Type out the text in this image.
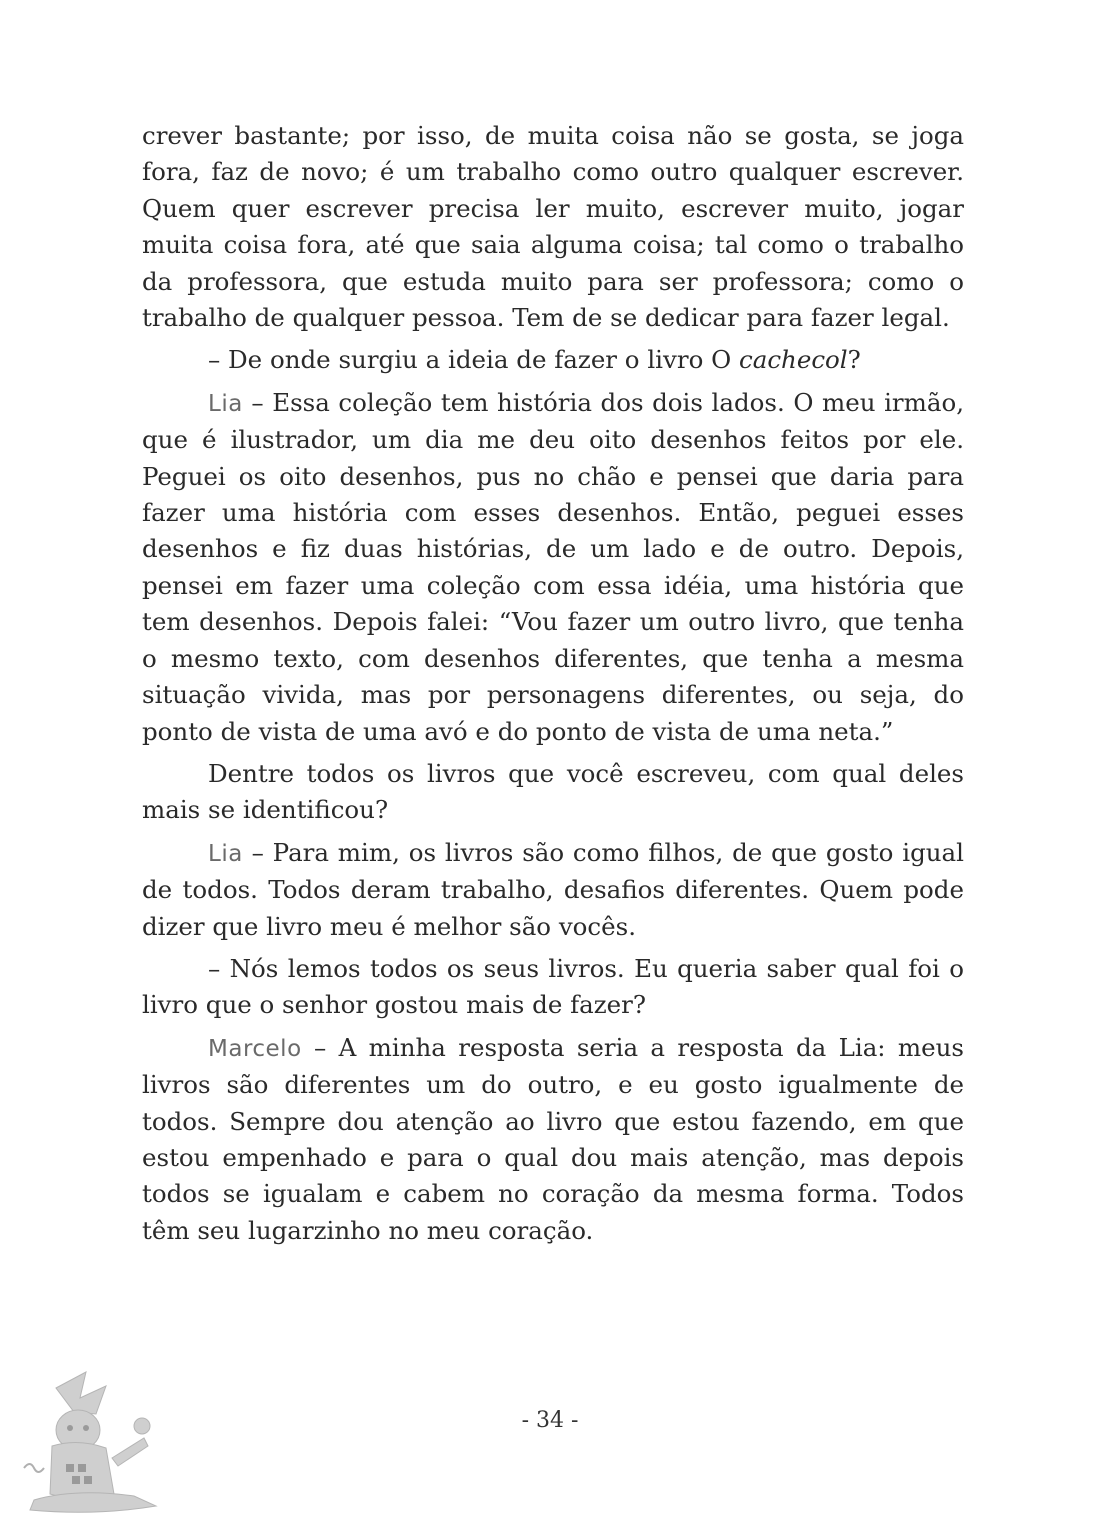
crever bastante; por isso, de muita coisa não se gosta, se joga fora, faz de novo; é um trabalho como outro qualquer escrever. Quem quer escrever precisa ler muito, escrever muito, jogar muita coisa fora, até que saia alguma coisa; tal como o trabalho da professora, que estuda muito para ser professora; como o trabalho de qualquer pessoa. Tem de se dedicar para fazer legal.

– De onde surgiu a ideia de fazer o livro O cachecol?

Lia – Essa coleção tem história dos dois lados. O meu irmão, que é ilustrador, um dia me deu oito desenhos feitos por ele. Peguei os oito desenhos, pus no chão e pensei que daria para fazer uma história com esses desenhos. Então, peguei esses desenhos e fiz duas histórias, de um lado e de outro. Depois, pensei em fazer uma coleção com essa idéia, uma história que tem desenhos. Depois falei: “Vou fazer um outro livro, que tenha o mesmo texto, com desenhos diferentes, que tenha a mesma situação vivida, mas por personagens diferentes, ou seja, do ponto de vista de uma avó e do ponto de vista de uma neta.”

Dentre todos os livros que você escreveu, com qual deles mais se identificou?

Lia – Para mim, os livros são como filhos, de que gosto igual de todos. Todos deram trabalho, desafios diferentes. Quem pode dizer que livro meu é melhor são vocês.

– Nós lemos todos os seus livros. Eu queria saber qual foi o livro que o senhor gostou mais de fazer?

Marcelo – A minha resposta seria a resposta da Lia: meus livros são diferentes um do outro, e eu gosto igualmente de todos. Sempre dou atenção ao livro que estou fazendo, em que estou empenhado e para o qual dou mais atenção, mas depois todos se igualam e cabem no coração da mesma forma. Todos têm seu lugarzinho no meu coração.

- 34 -
